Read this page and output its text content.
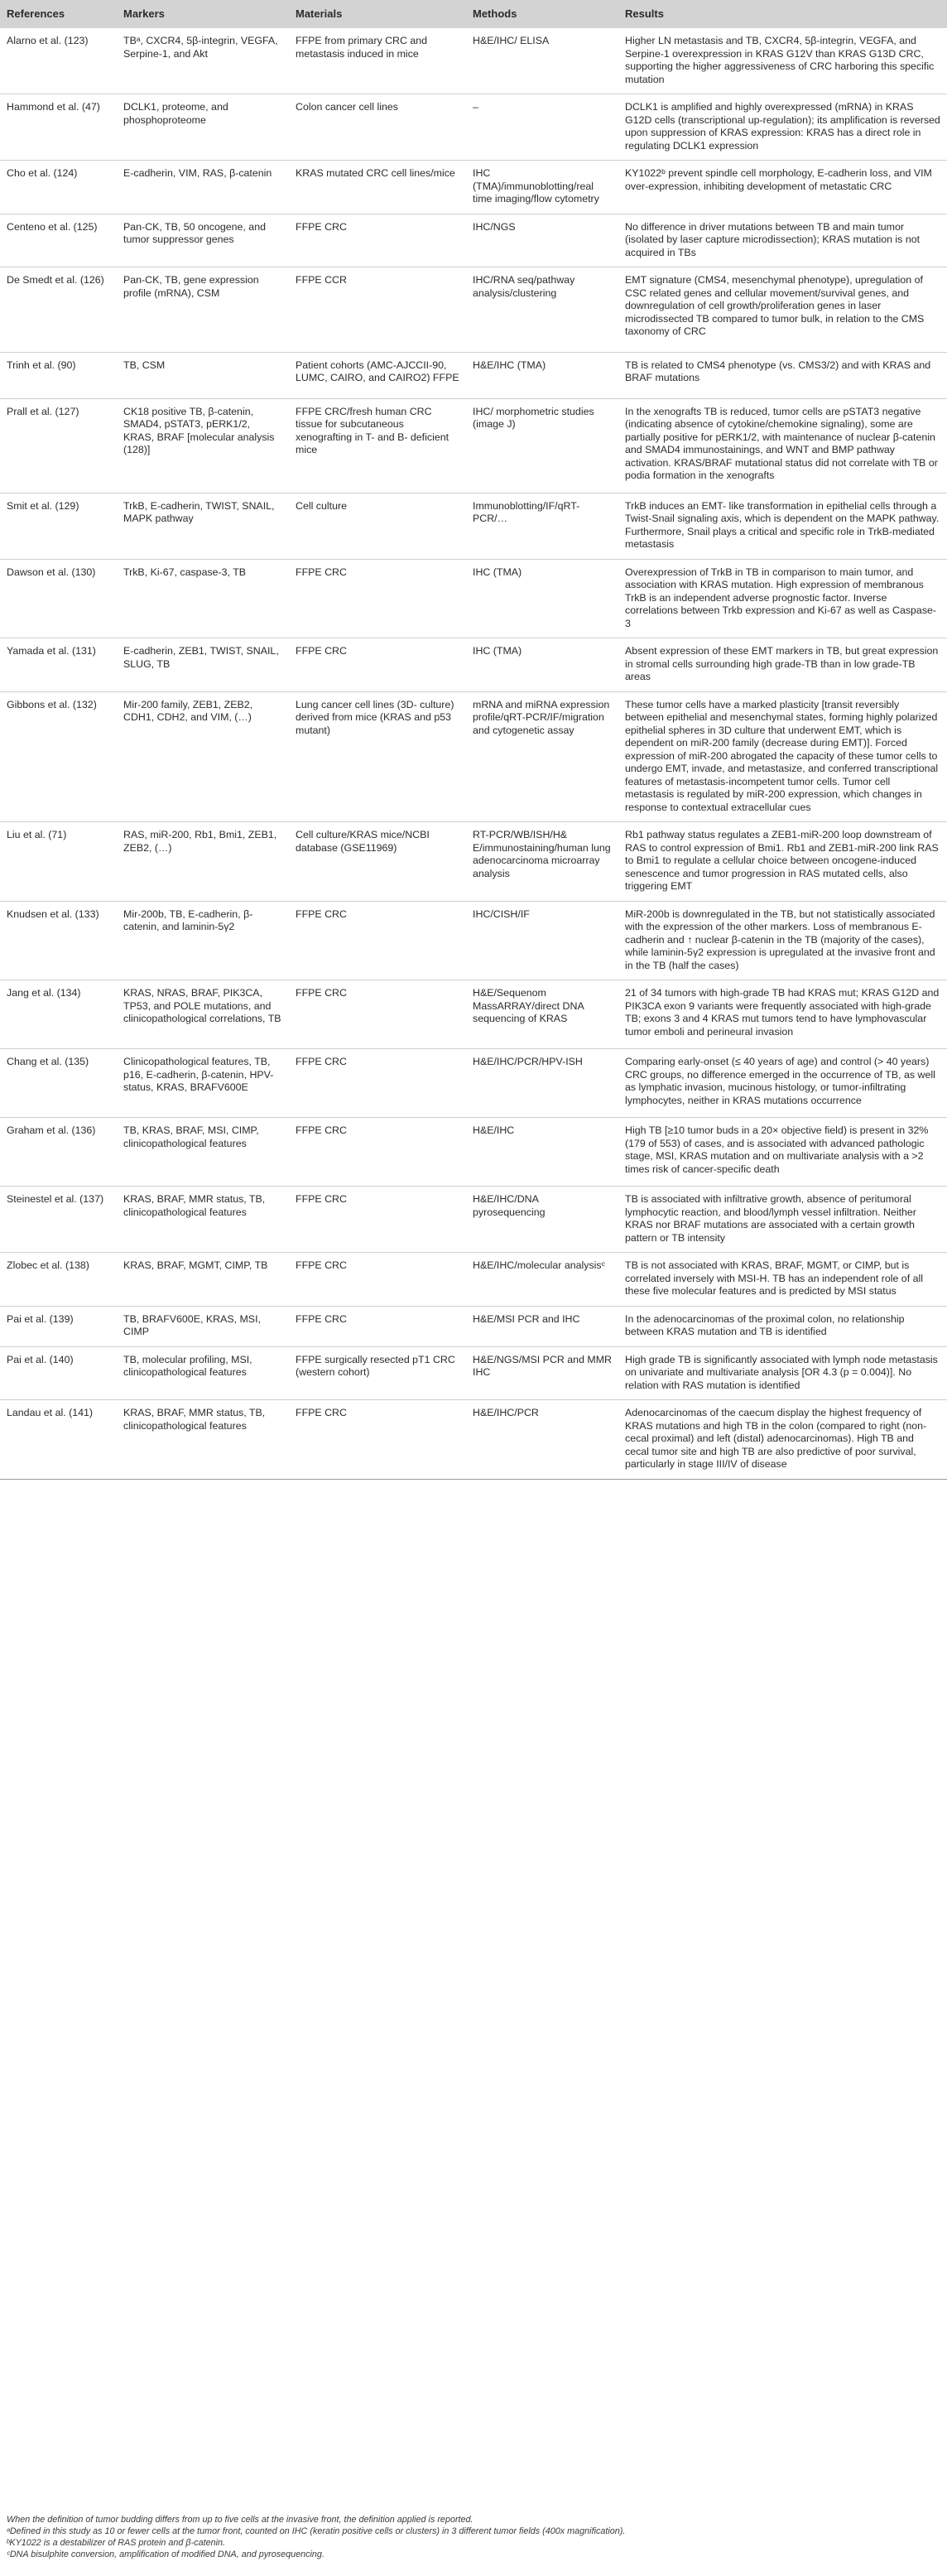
References	Markers	Materials	Methods	Results
Alarno et al. (123)	TBᵃ, CXCR4, 5β-integrin, VEGFA, Serpine-1, and Akt	FFPE from primary CRC and metastasis induced in mice	H&E/IHC/ ELISA	Higher LN metastasis and TB, CXCR4, 5β-integrin, VEGFA, and Serpine-1 overexpression in KRAS G12V than KRAS G13D CRC, supporting the higher aggressiveness of CRC harboring this specific mutation
Hammond et al. (47)	DCLK1, proteome, and phosphoproteome	Colon cancer cell lines	–	DCLK1 is amplified and highly overexpressed (mRNA) in KRAS G12D cells (transcriptional up-regulation); its amplification is reversed upon suppression of KRAS expression: KRAS has a direct role in regulating DCLK1 expression
Cho et al. (124)	E-cadherin, VIM, RAS, β-catenin	KRAS mutated CRC cell lines/mice	IHC (TMA)/immunoblotting/real time imaging/flow cytometry	KY1022ᵇ prevent spindle cell morphology, E-cadherin loss, and VIM over-expression, inhibiting development of metastatic CRC
Centeno et al. (125)	Pan-CK, TB, 50 oncogene, and tumor suppressor genes	FFPE CRC	IHC/NGS	No difference in driver mutations between TB and main tumor (isolated by laser capture microdissection); KRAS mutation is not acquired in TBs
De Smedt et al. (126)	Pan-CK, TB, gene expression profile (mRNA), CSM	FFPE CCR	IHC/RNA seq/pathway analysis/clustering	EMT signature (CMS4, mesenchymal phenotype), upregulation of CSC related genes and cellular movement/survival genes, and downregulation of cell growth/proliferation genes in laser microdissected TB compared to tumor bulk, in relation to the CMS taxonomy of CRC
Trinh et al. (90)	TB, CSM	Patient cohorts (AMC-AJCCII-90, LUMC, CAIRO, and CAIRO2) FFPE	H&E/IHC (TMA)	TB is related to CMS4 phenotype (vs. CMS3/2) and with KRAS and BRAF mutations
Prall et al. (127)	CK18 positive TB, β-catenin, SMAD4, pSTAT3, pERK1/2, KRAS, BRAF [molecular analysis (128)]	FFPE CRC/fresh human CRC tissue for subcutaneous xenografting in T- and B- deficient mice	IHC/ morphometric studies (image J)	In the xenografts TB is reduced, tumor cells are pSTAT3 negative (indicating absence of cytokine/chemokine signaling), some are partially positive for pERK1/2, with maintenance of nuclear β-catenin and SMAD4 immunostainings, and WNT and BMP pathway activation. KRAS/BRAF mutational status did not correlate with TB or podia formation in the xenografts
Smit et al. (129)	TrkB, E-cadherin, TWIST, SNAIL, MAPK pathway	Cell culture	Immunoblotting/IF/qRT-PCR/…	TrkB induces an EMT- like transformation in epithelial cells through a Twist-Snail signaling axis, which is dependent on the MAPK pathway. Furthermore, Snail plays a critical and specific role in TrkB-mediated metastasis
Dawson et al. (130)	TrkB, Ki-67, caspase-3, TB	FFPE CRC	IHC (TMA)	Overexpression of TrkB in TB in comparison to main tumor, and association with KRAS mutation. High expression of membranous TrkB is an independent adverse prognostic factor. Inverse correlations between Trkb expression and Ki-67 as well as Caspase-3
Yamada et al. (131)	E-cadherin, ZEB1, TWIST, SNAIL, SLUG, TB	FFPE CRC	IHC (TMA)	Absent expression of these EMT markers in TB, but great expression in stromal cells surrounding high grade-TB than in low grade-TB areas
Gibbons et al. (132)	Mir-200 family, ZEB1, ZEB2, CDH1, CDH2, and VIM, (…)	Lung cancer cell lines (3D- culture) derived from mice (KRAS and p53 mutant)	mRNA and miRNA expression profile/qRT-PCR/IF/migration and cytogenetic assay	These tumor cells have a marked plasticity [transit reversibly between epithelial and mesenchymal states, forming highly polarized epithelial spheres in 3D culture that underwent EMT, which is dependent on miR-200 family (decrease during EMT)]. Forced expression of miR-200 abrogated the capacity of these tumor cells to undergo EMT, invade, and metastasize, and conferred transcriptional features of metastasis-incompetent tumor cells. Tumor cell metastasis is regulated by miR-200 expression, which changes in response to contextual extracellular cues
Liu et al. (71)	RAS, miR-200, Rb1, Bmi1, ZEB1, ZEB2, (…)	Cell culture/KRAS mice/NCBI database (GSE11969)	RT-PCR/WB/ISH/H& E/immunostaining/human lung adenocarcinoma microarray analysis	Rb1 pathway status regulates a ZEB1-miR-200 loop downstream of RAS to control expression of Bmi1. Rb1 and ZEB1-miR-200 link RAS to Bmi1 to regulate a cellular choice between oncogene-induced senescence and tumor progression in RAS mutated cells, also triggering EMT
Knudsen et al. (133)	Mir-200b, TB, E-cadherin, β-catenin, and laminin-5γ2	FFPE CRC	IHC/CISH/IF	MiR-200b is downregulated in the TB, but not statistically associated with the expression of the other markers. Loss of membranous E-cadherin and ↑ nuclear β-catenin in the TB (majority of the cases), while laminin-5γ2 expression is upregulated at the invasive front and in the TB (half the cases)
Jang et al. (134)	KRAS, NRAS, BRAF, PIK3CA, TP53, and POLE mutations, and clinicopathological correlations, TB	FFPE CRC	H&E/Sequenom MassARRAY/direct DNA sequencing of KRAS	21 of 34 tumors with high-grade TB had KRAS mut; KRAS G12D and PIK3CA exon 9 variants were frequently associated with high-grade TB; exons 3 and 4 KRAS mut tumors tend to have lymphovascular tumor emboli and perineural invasion
Chang et al. (135)	Clinicopathological features, TB, p16, E-cadherin, β-catenin, HPV-status, KRAS, BRAFV600E	FFPE CRC	H&E/IHC/PCR/HPV-ISH	Comparing early-onset (≤ 40 years of age) and control (> 40 years) CRC groups, no difference emerged in the occurrence of TB, as well as lymphatic invasion, mucinous histology, or tumor-infiltrating lymphocytes, neither in KRAS mutations occurrence
Graham et al. (136)	TB, KRAS, BRAF, MSI, CIMP, clinicopathological features	FFPE CRC	H&E/IHC	High TB [≥10 tumor buds in a 20× objective field) is present in 32% (179 of 553) of cases, and is associated with advanced pathologic stage, MSI, KRAS mutation and on multivariate analysis with a >2 times risk of cancer-specific death
Steinestel et al. (137)	KRAS, BRAF, MMR status, TB, clinicopathological features	FFPE CRC	H&E/IHC/DNA pyrosequencing	TB is associated with infiltrative growth, absence of peritumoral lymphocytic reaction, and blood/lymph vessel infiltration. Neither KRAS nor BRAF mutations are associated with a certain growth pattern or TB intensity
Zlobec et al. (138)	KRAS, BRAF, MGMT, CIMP, TB	FFPE CRC	H&E/IHC/molecular analysisᶜ	TB is not associated with KRAS, BRAF, MGMT, or CIMP, but is correlated inversely with MSI-H. TB has an independent role of all these five molecular features and is predicted by MSI status
Pai et al. (139)	TB, BRAFV600E, KRAS, MSI, CIMP	FFPE CRC	H&E/MSI PCR and IHC	In the adenocarcinomas of the proximal colon, no relationship between KRAS mutation and TB is identified
Pai et al. (140)	TB, molecular profiling, MSI, clinicopathological features	FFPE surgically resected pT1 CRC (western cohort)	H&E/NGS/MSI PCR and MMR IHC	High grade TB is significantly associated with lymph node metastasis on univariate and multivariate analysis [OR 4.3 (p = 0.004)]. No relation with RAS mutation is identified
Landau et al. (141)	KRAS, BRAF, MMR status, TB, clinicopathological features	FFPE CRC	H&E/IHC/PCR	Adenocarcinomas of the caecum display the highest frequency of KRAS mutations and high TB in the colon (compared to right (non-cecal proximal) and left (distal) adenocarcinomas). High TB and cecal tumor site and high TB are also predictive of poor survival, particularly in stage III/IV of disease

When the definition of tumor budding differs from up to five cells at the invasive front, the definition applied is reported.

ᵃDefined in this study as 10 or fewer cells at the tumor front, counted on IHC (keratin positive cells or clusters) in 3 different tumor fields (400x magnification).

ᵇKY1022 is a destabilizer of RAS protein and β-catenin.

ᶜDNA bisulphite conversion, amplification of modified DNA, and pyrosequencing.
